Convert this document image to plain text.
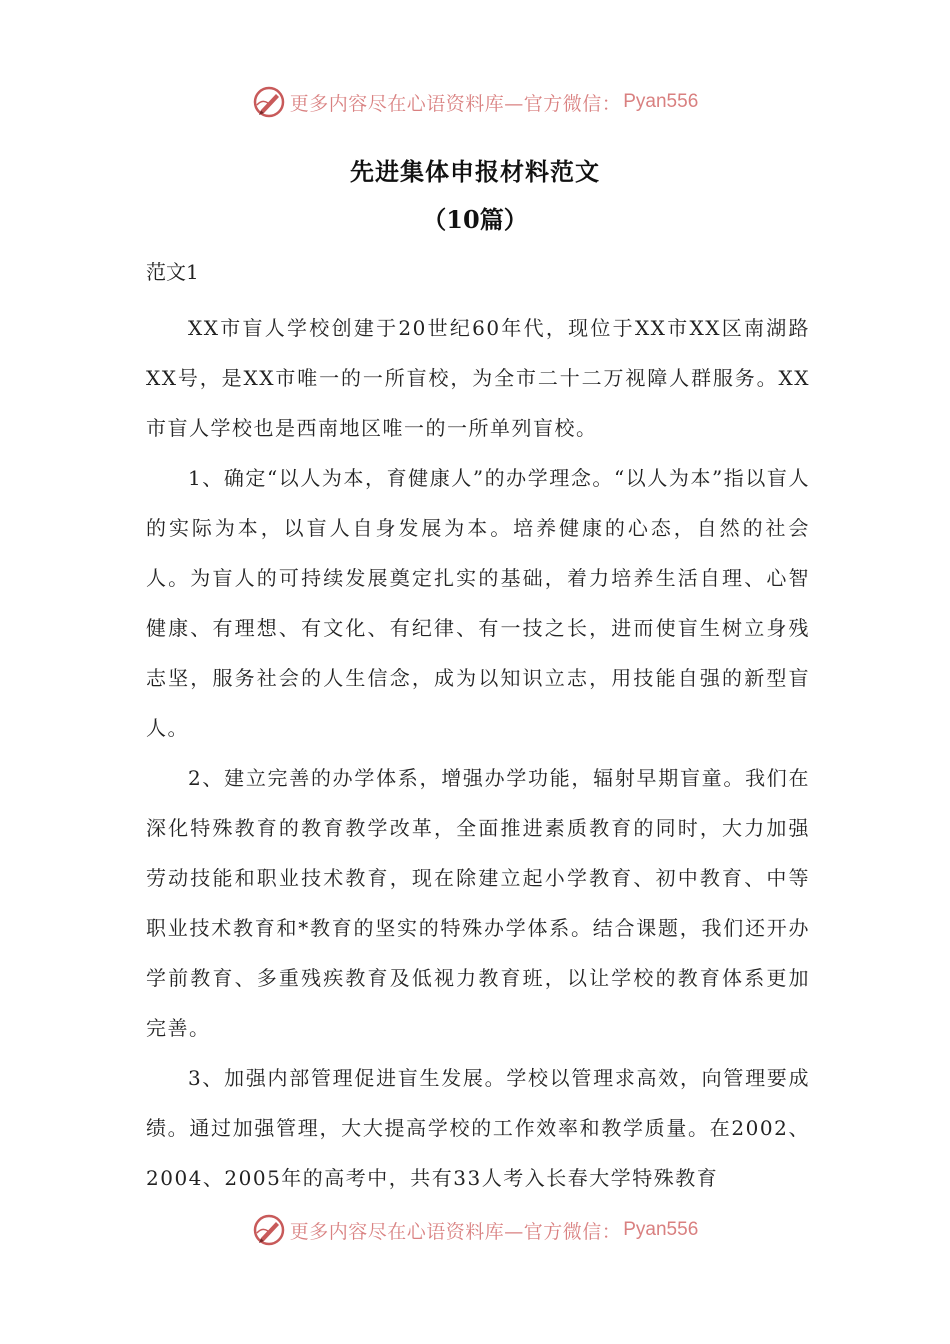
更多内容尽在心语资料库—官方微信： Pyan556
先进集体申报材料范文
（10篇）
范文1

XX市盲人学校创建于20世纪60年代，现位于XX市XX区南湖路XX号，是XX市唯一的一所盲校，为全市二十二万视障人群服务。XX市盲人学校也是西南地区唯一的一所单列盲校。

1、确定“以人为本，育健康人”的办学理念。“以人为本”指以盲人的实际为本，以盲人自身发展为本。培养健康的心态，自然的社会人。为盲人的可持续发展奠定扎实的基础，着力培养生活自理、心智健康、有理想、有文化、有纪律、有一技之长，进而使盲生树立身残志坚，服务社会的人生信念，成为以知识立志，用技能自强的新型盲人。

2、建立完善的办学体系，增强办学功能，辐射早期盲童。我们在深化特殊教育的教育教学改革，全面推进素质教育的同时，大力加强劳动技能和职业技术教育，现在除建立起小学教育、初中教育、中等职业技术教育和*教育的坚实的特殊办学体系。结合课题，我们还开办学前教育、多重残疾教育及低视力教育班，以让学校的教育体系更加完善。

3、加强内部管理促进盲生发展。学校以管理求高效，向管理要成绩。通过加强管理，大大提高学校的工作效率和教学质量。在2002、2004、2005年的高考中，共有33人考入长春大学特殊教育

更多内容尽在心语资料库—官方微信： Pyan556
